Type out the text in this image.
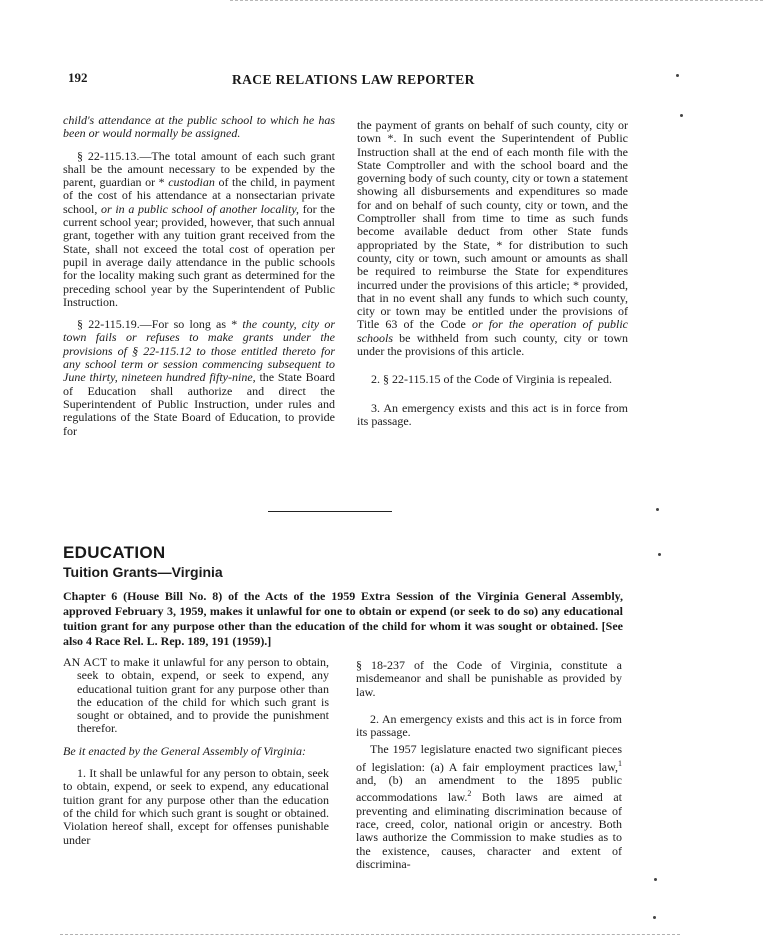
192	RACE RELATIONS LAW REPORTER

child's attendance at the public school to which he has been or would normally be assigned.

§ 22-115.13.—The total amount of each such grant shall be the amount necessary to be expended by the parent, guardian or * custodian of the child, in payment of the cost of his attendance at a nonsectarian private school, or in a public school of another locality, for the current school year; provided, however, that such annual grant, together with any tuition grant received from the State, shall not exceed the total cost of operation per pupil in average daily attendance in the public schools for the locality making such grant as determined for the preceding school year by the Superintendent of Public Instruction.

§ 22-115.19.—For so long as * the county, city or town fails or refuses to make grants under the provisions of § 22-115.12 to those entitled thereto for any school term or session commencing subsequent to June thirty, nineteen hundred fifty-nine, the State Board of Education shall authorize and direct the Superintendent of Public Instruction, under rules and regulations of the State Board of Education, to provide for

the payment of grants on behalf of such county, city or town *. In such event the Superintendent of Public Instruction shall at the end of each month file with the State Comptroller and with the school board and the governing body of such county, city or town a statement showing all disbursements and expenditures so made for and on behalf of such county, city or town, and the Comptroller shall from time to time as such funds become available deduct from other State funds appropriated by the State, * for distribution to such county, city or town, such amount or amounts as shall be required to reimburse the State for expenditures incurred under the provisions of this article; * provided, that in no event shall any funds to which such county, city or town may be entitled under the provisions of Title 63 of the Code or for the operation of public schools be withheld from such county, city or town under the provisions of this article.

2. § 22-115.15 of the Code of Virginia is repealed.

3. An emergency exists and this act is in force from its passage.

EDUCATION
Tuition Grants—Virginia
Chapter 6 (House Bill No. 8) of the Acts of the 1959 Extra Session of the Virginia General Assembly, approved February 3, 1959, makes it unlawful for one to obtain or expend (or seek to do so) any educational tuition grant for any purpose other than the education of the child for whom it was sought or obtained. [See also 4 Race Rel. L. Rep. 189, 191 (1959).]

AN ACT to make it unlawful for any person to obtain, seek to obtain, expend, or seek to expend, any educational tuition grant for any purpose other than the education of the child for which such grant is sought or obtained, and to provide the punishment therefor.

Be it enacted by the General Assembly of Virginia:

1. It shall be unlawful for any person to obtain, seek to obtain, expend, or seek to expend, any educational tuition grant for any purpose other than the education of the child for which such grant is sought or obtained. Violation hereof shall, except for offenses punishable under

§ 18-237 of the Code of Virginia, constitute a misdemeanor and shall be punishable as provided by law.

2. An emergency exists and this act is in force from its passage.

The 1957 legislature enacted two significant pieces of legislation: (a) A fair employment practices law,$^1$ and, (b) an amendment to the 1895 public accommodations law.$^2$ Both laws are aimed at preventing and eliminating discrimination because of race, creed, color, national origin or ancestry. Both laws authorize the Commission to make studies as to the existence, causes, character and extent of discrimina-
